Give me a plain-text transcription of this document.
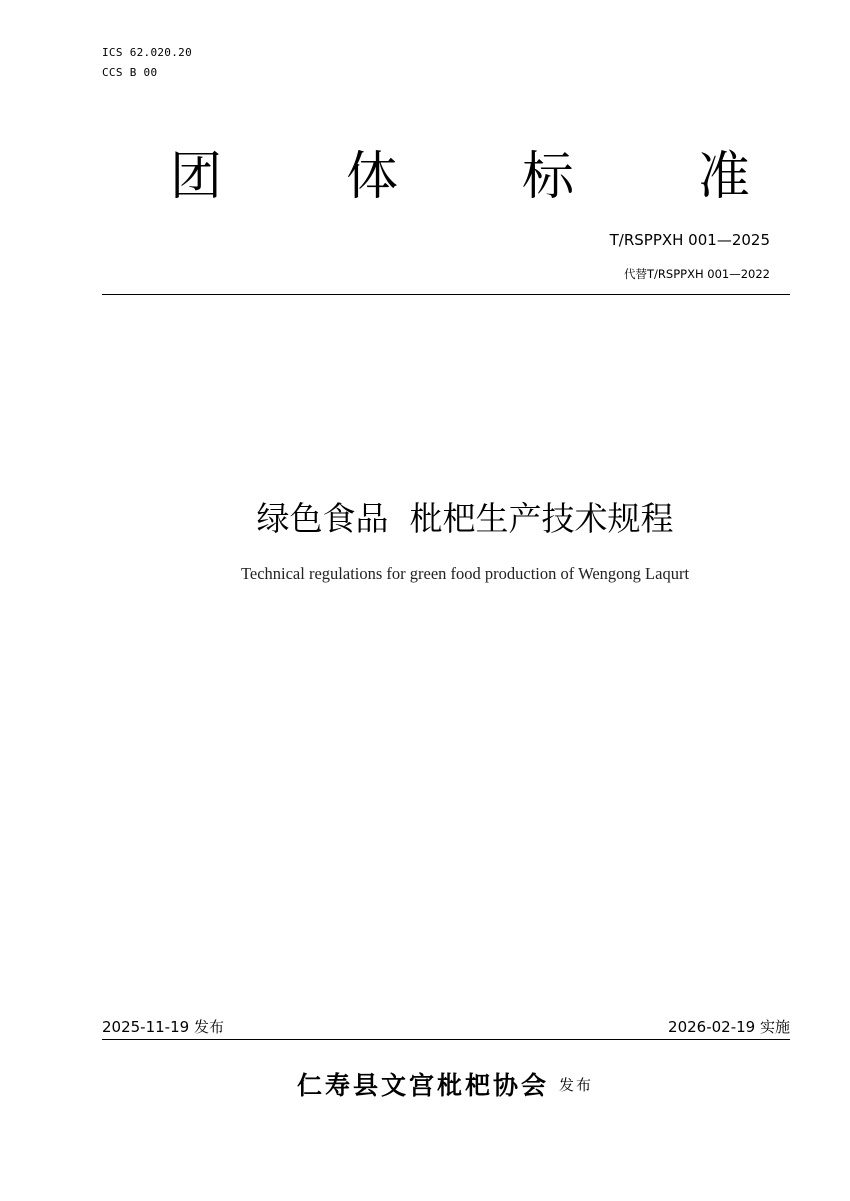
ICS 62.020.20
CCS B 00
团 体 标 准
T/RSPPXH 001—2025
代替T/RSPPXH 001—2022
绿色食品  枇杷生产技术规程
Technical regulations for green food production of Wengong Laqurt
2025-11-19 发布	2026-02-19 实施
仁寿县文宫枇杷协会 发布
